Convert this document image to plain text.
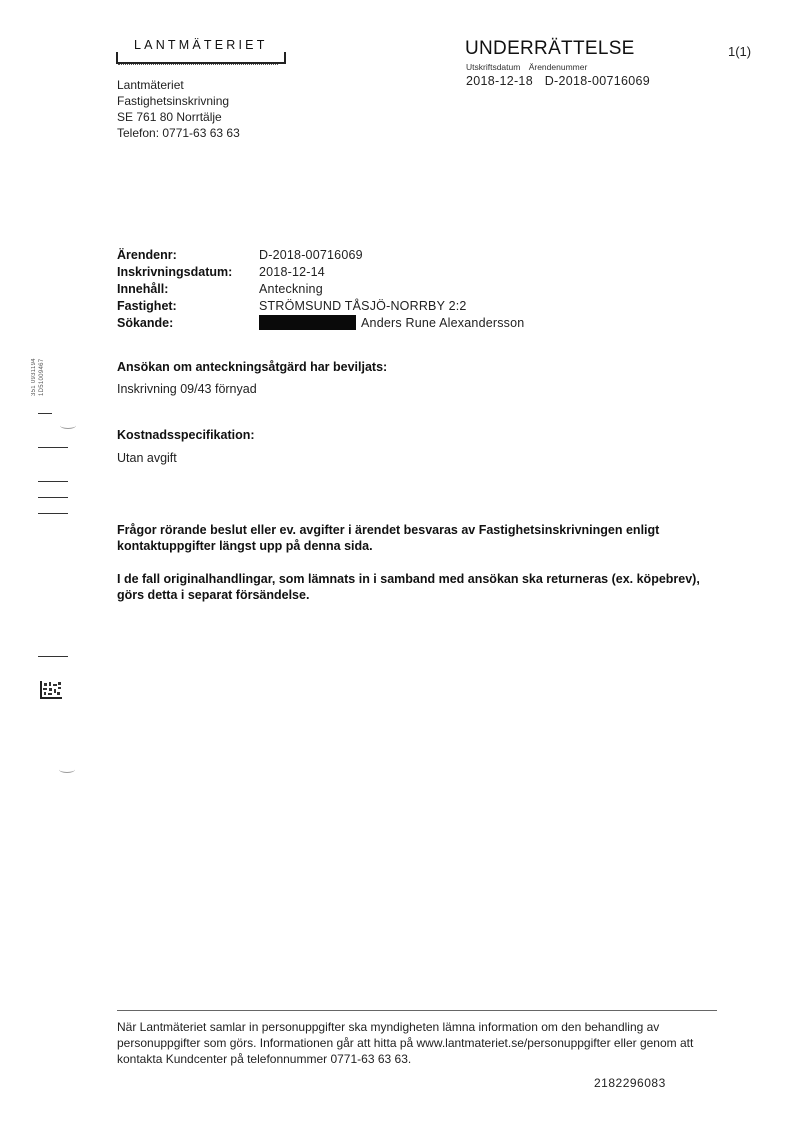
LANTMÄTERIET
Lantmäteriet
Fastighetsinskrivning
SE 761 80 Norrtälje
Telefon: 0771-63 63 63
UNDERRÄTTELSE	1(1)
Utskriftsdatum Ärendenummer
2018-12-18 D-2018-00716069
Ärendenr:	D-2018-00716069
Inskrivningsdatum: 2018-12-14
Innehåll:	Anteckning
Fastighet:	STRÖMSUND TÅSJÖ-NORRBY 2:2
Sökande:	Anders Rune Alexandersson
Ansökan om anteckningsåtgärd har beviljats:
Inskrivning 09/43 förnyad
Kostnadsspecifikation:
Utan avgift
Frågor rörande beslut eller ev. avgifter i ärendet besvaras av Fastighetsinskrivningen enligt kontaktuppgifter längst upp på denna sida.
I de fall originalhandlingar, som lämnats in i samband med ansökan ska returneras (ex. köpebrev), görs detta i separat försändelse.
351 0931194 1D51009467
När Lantmäteriet samlar in personuppgifter ska myndigheten lämna information om den behandling av personuppgifter som görs. Informationen går att hitta på www.lantmateriet.se/personuppgifter eller genom att kontakta Kundcenter på telefonnummer 0771-63 63 63.
2182296083
